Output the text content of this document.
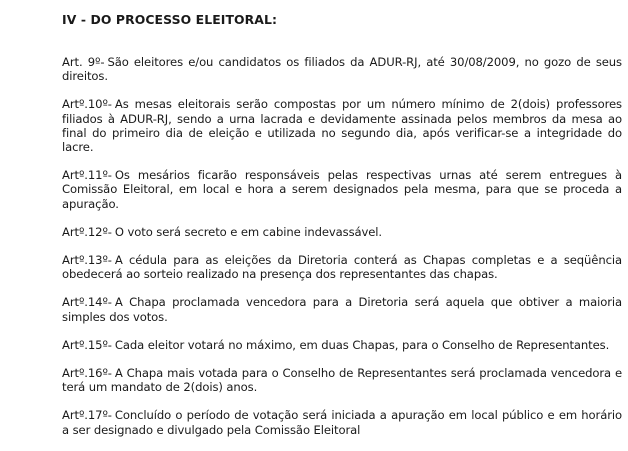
IV - DO PROCESSO ELEITORAL:

Art. 9º- São eleitores e/ou candidatos os filiados da ADUR-RJ, até 30/08/2009, no gozo de seus direitos.

Artº.10º- As mesas eleitorais serão compostas por um número mínimo de 2(dois) professores filiados à ADUR-RJ, sendo a urna lacrada e devidamente assinada pelos membros da mesa ao final do primeiro dia de eleição e utilizada no segundo dia, após verificar-se a integridade do lacre.

Artº.11º- Os mesários ficarão responsáveis pelas respectivas urnas até serem entregues à Comissão Eleitoral, em local e hora a serem designados pela mesma, para que se proceda a apuração.

Artº.12º- O voto será secreto e em cabine indevassável.

Artº.13º- A cédula para as eleições da Diretoria conterá as Chapas completas e a seqüência obedecerá ao sorteio realizado na presença dos representantes das chapas.

Artº.14º- A Chapa proclamada vencedora para a Diretoria será aquela que obtiver a maioria simples dos votos.

Artº.15º- Cada eleitor votará no máximo, em duas Chapas, para o Conselho de Representantes.

Artº.16º- A Chapa mais votada para o Conselho de Representantes será proclamada vencedora e terá um mandato de 2(dois) anos.

Artº.17º- Concluído o período de votação será iniciada a apuração em local público e em horário a ser designado e divulgado pela Comissão Eleitoral
